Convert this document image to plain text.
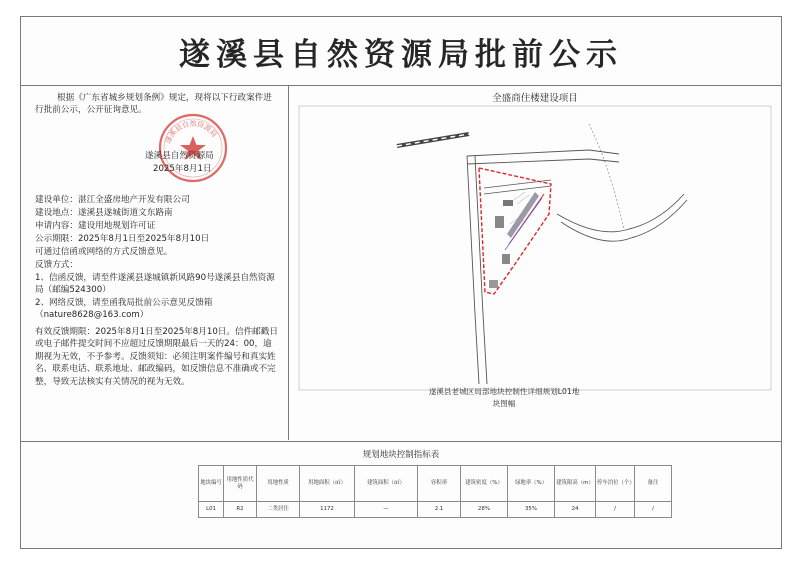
遂溪县自然资源局批前公示
根据《广东省城乡规划条例》规定，现将以下行政案件进行批前公示，公开征询意见。
遂溪县自然资源局
遂溪县自然资源局
2025年8月1日
建设单位：湛江全盛房地产开发有限公司
建设地点：遂溪县遂城街道文东路南
申请内容：建设用地规划许可证
公示期限：2025年8月1日至2025年8月10日
可通过信函或网络的方式反馈意见。
反馈方式：
1、信函反馈，请至件遂溪县遂城镇新风路90号遂溪县自然资源局（邮编524300）
2、网络反馈，请至函我局批前公示意见反馈箱（nature8628@163.com）
有效反馈期限：2025年8月1日至2025年8月10日。信件邮戳日或电子邮件提交时间不应超过反馈期限最后一天的24：00，逾期视为无效，不予参考。反馈须知：必须注明案件编号和真实姓名、联系电话、联系地址、邮政编码，如反馈信息不准确或不完整，导致无法核实有关情况的视为无效。
全盛商住楼建设项目
遂溪县老城区局部地块控制性详细规划L01地
块图幅
规划地块控制指标表
地块编号	用地性质代码	用地性质	用地面积（㎡）	建筑面积（㎡）	容积率	建筑密度（%）	绿地率（%）	建筑限高（m）	停车泊位（个）	备注
L01	R2	二类居住	1172	—	2.1	28%	35%	24	/	/
